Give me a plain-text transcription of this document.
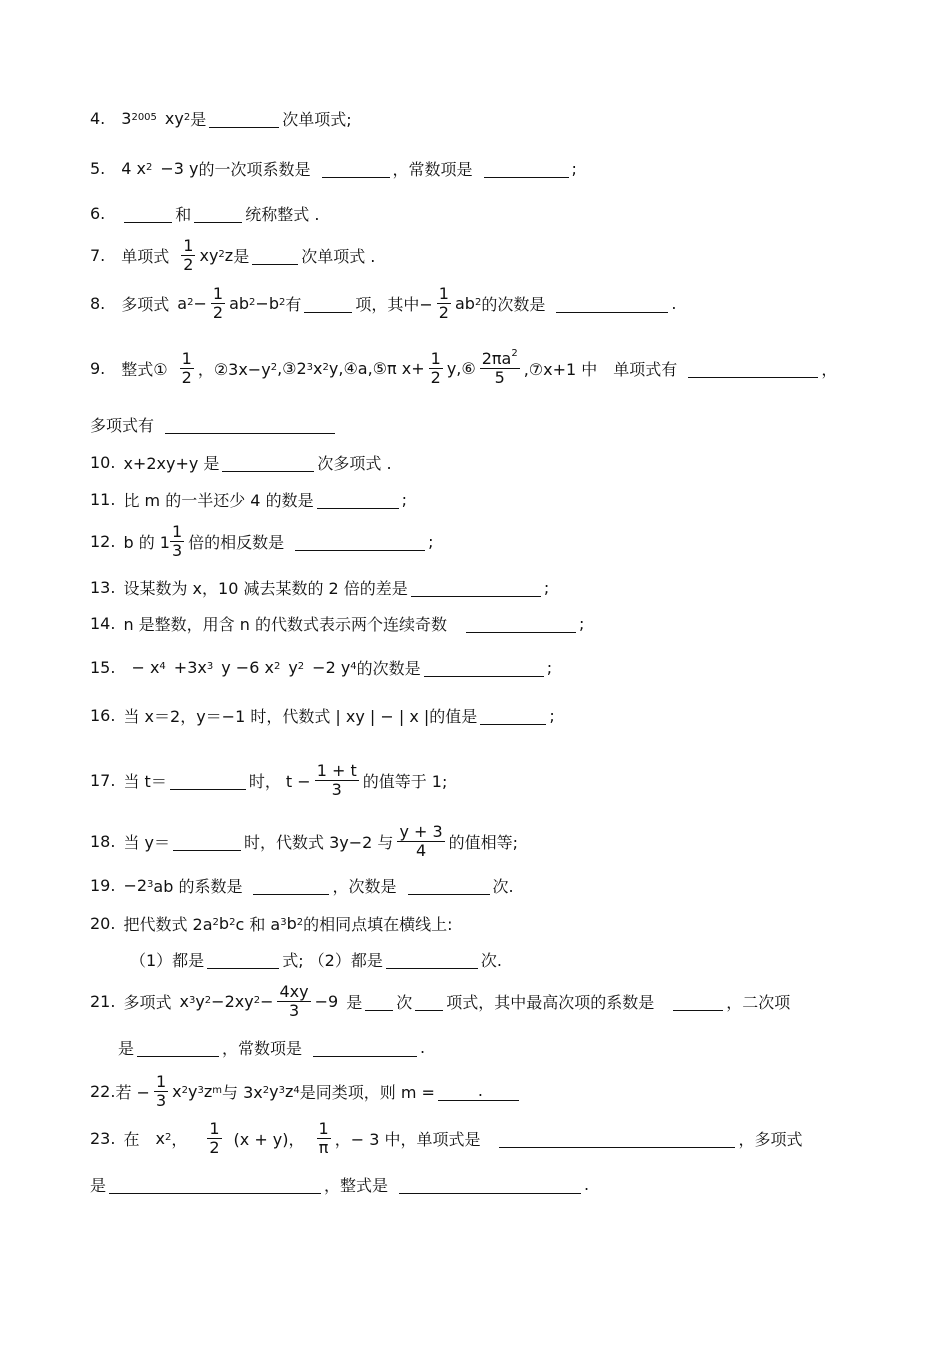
4. 3 2005 xy 2 是	次单项式;
5. 4 x 2 −3 y 的一次项系数是	，常数项是	;
6.	和	统称整式 .
7. 单项式 $\frac{1}{2}$ xy 2 z 是	次单项式 .
8. 多项式 a $2 - \frac{1}{2}$ ab 2 −b 2 有	项，其中− $\frac{1}{2}$ ab 2 的次数是	.
9. 整式① $\frac{1}{2}$ ，②3x−y 2 ,③2 3 x 2 y,④a,⑤π $x+ \frac{1}{2}$ y,⑥ $\frac{2\pi a^2}{5}$ ,⑦x+1 中 单项式有	，
多项式有
10. x+2xy+y 是	次多项式 .
11. 比 m 的一半还少 4 的数是	;
12. b 的 $1 \frac{1}{3}$ 倍的相反数是	;
13. 设某数为 x，10 减去某数的 2 倍的差是	;
14. n 是整数，用含 n 的代数式表示两个连续奇数	;
15. − x 4 +3x 3 y −6 x 2 y 2 −2 y 4 的次数是	;
16. 当 x＝2，y＝−1 时，代数式 | xy | − | x |的值是	;
17. 当 t＝	时， $t - \frac{1 + t}{3}$ 的值等于 1;
18. 当 y＝	时，代数式 3y−2 与 $\frac{y + 3}{4}$ 的值相等;
19. −2 3 ab 的系数是	，次数是	次.
20. 把代数式 2a 2 b 2 c 和 a 3 b 2 的相同点填在横线上:
（1）都是	式; （2）都是	次.
21. 多项式 x 3 y 2 −2xy $2 - \frac{4xy}{3} -9$ 是 次 项式，其中最高次项的系数是	，二次项
是	，常数项是	.
22. 若 − $\frac{1}{3}$ x 2 y 3 z m 与 3x 2 y 3 z 4 是同类项，则 m =	.
23. 在 x 2 ， $\frac{1}{2} (x + y)$， $\frac{1}{\pi}$ ，− 3 中，单项式是	，多项式
是	，整式是	.
